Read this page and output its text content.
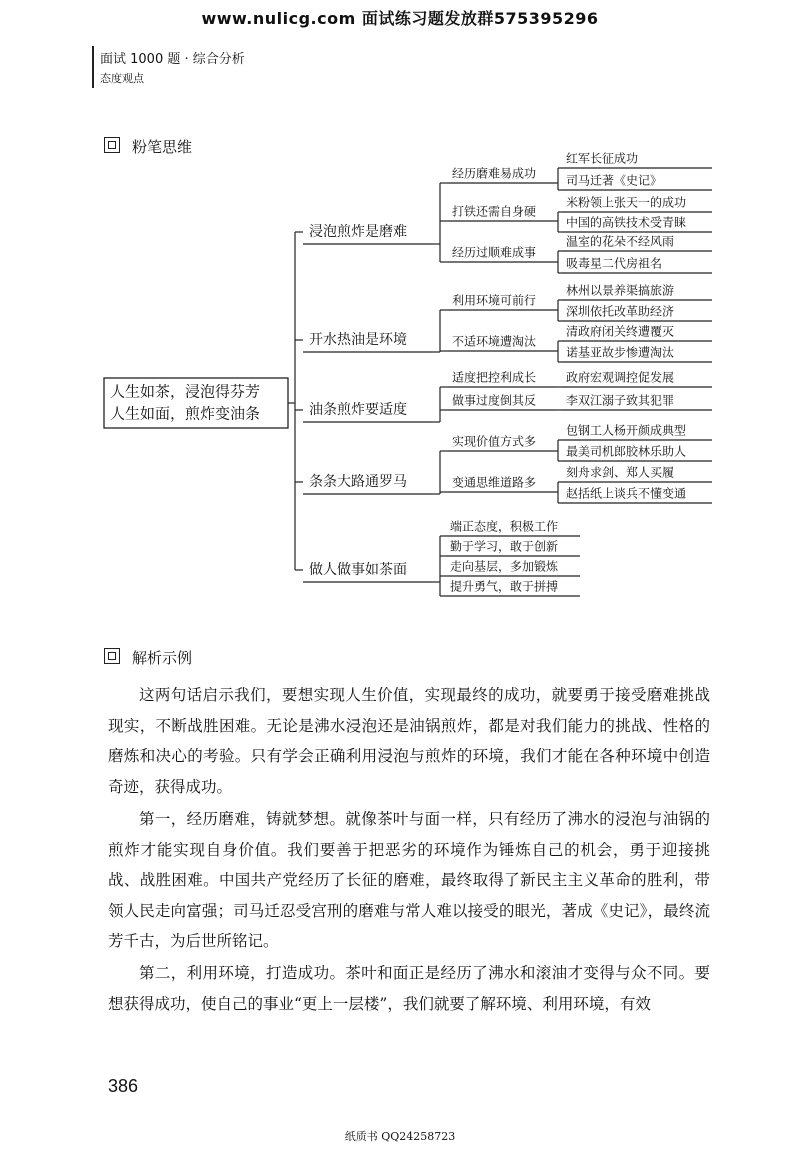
www.nulicg.com 面试练习题发放群575395296
面试 1000 题 · 综合分析
态度观点
粉笔思维
人生如茶，浸泡得芬芳
人生如面，煎炸变油条
浸泡煎炸是磨难
经历磨难易成功
红军长征成功
司马迁著《史记》
打铁还需自身硬
米粉领上张天一的成功
中国的高铁技术受青睐
经历过顺难成事
温室的花朵不经风雨
吸毒星二代房祖名
开水热油是环境
利用环境可前行
林州以景养渠搞旅游
深圳依托改革助经济
不适环境遭淘汰
清政府闭关终遭覆灭
诺基亚故步惨遭淘汰
油条煎炸要适度
适度把控利成长 政府宏观调控促发展
做事过度倒其反 李双江溺子致其犯罪
条条大路通罗马
实现价值方式多
包钢工人杨开颜成典型
最美司机郎胶林乐助人
变通思维道路多
刻舟求剑、郑人买履
赵括纸上谈兵不懂变通
做人做事如茶面
端正态度，积极工作
勤于学习，敢于创新
走向基层，多加锻炼
提升勇气，敢于拼搏
解析示例
这两句话启示我们，要想实现人生价值，实现最终的成功，就要勇于接受磨难挑战现实，不断战胜困难。无论是沸水浸泡还是油锅煎炸，都是对我们能力的挑战、性格的磨炼和决心的考验。只有学会正确利用浸泡与煎炸的环境，我们才能在各种环境中创造奇迹，获得成功。
第一，经历磨难，铸就梦想。就像茶叶与面一样，只有经历了沸水的浸泡与油锅的煎炸才能实现自身价值。我们要善于把恶劣的环境作为锤炼自己的机会，勇于迎接挑战、战胜困难。中国共产党经历了长征的磨难，最终取得了新民主主义革命的胜利，带领人民走向富强；司马迁忍受宫刑的磨难与常人难以接受的眼光，著成《史记》，最终流芳千古，为后世所铭记。
第二，利用环境，打造成功。茶叶和面正是经历了沸水和滚油才变得与众不同。要想获得成功，使自己的事业“更上一层楼”，我们就要了解环境、利用环境，有效
386
纸质书 QQ24258723
